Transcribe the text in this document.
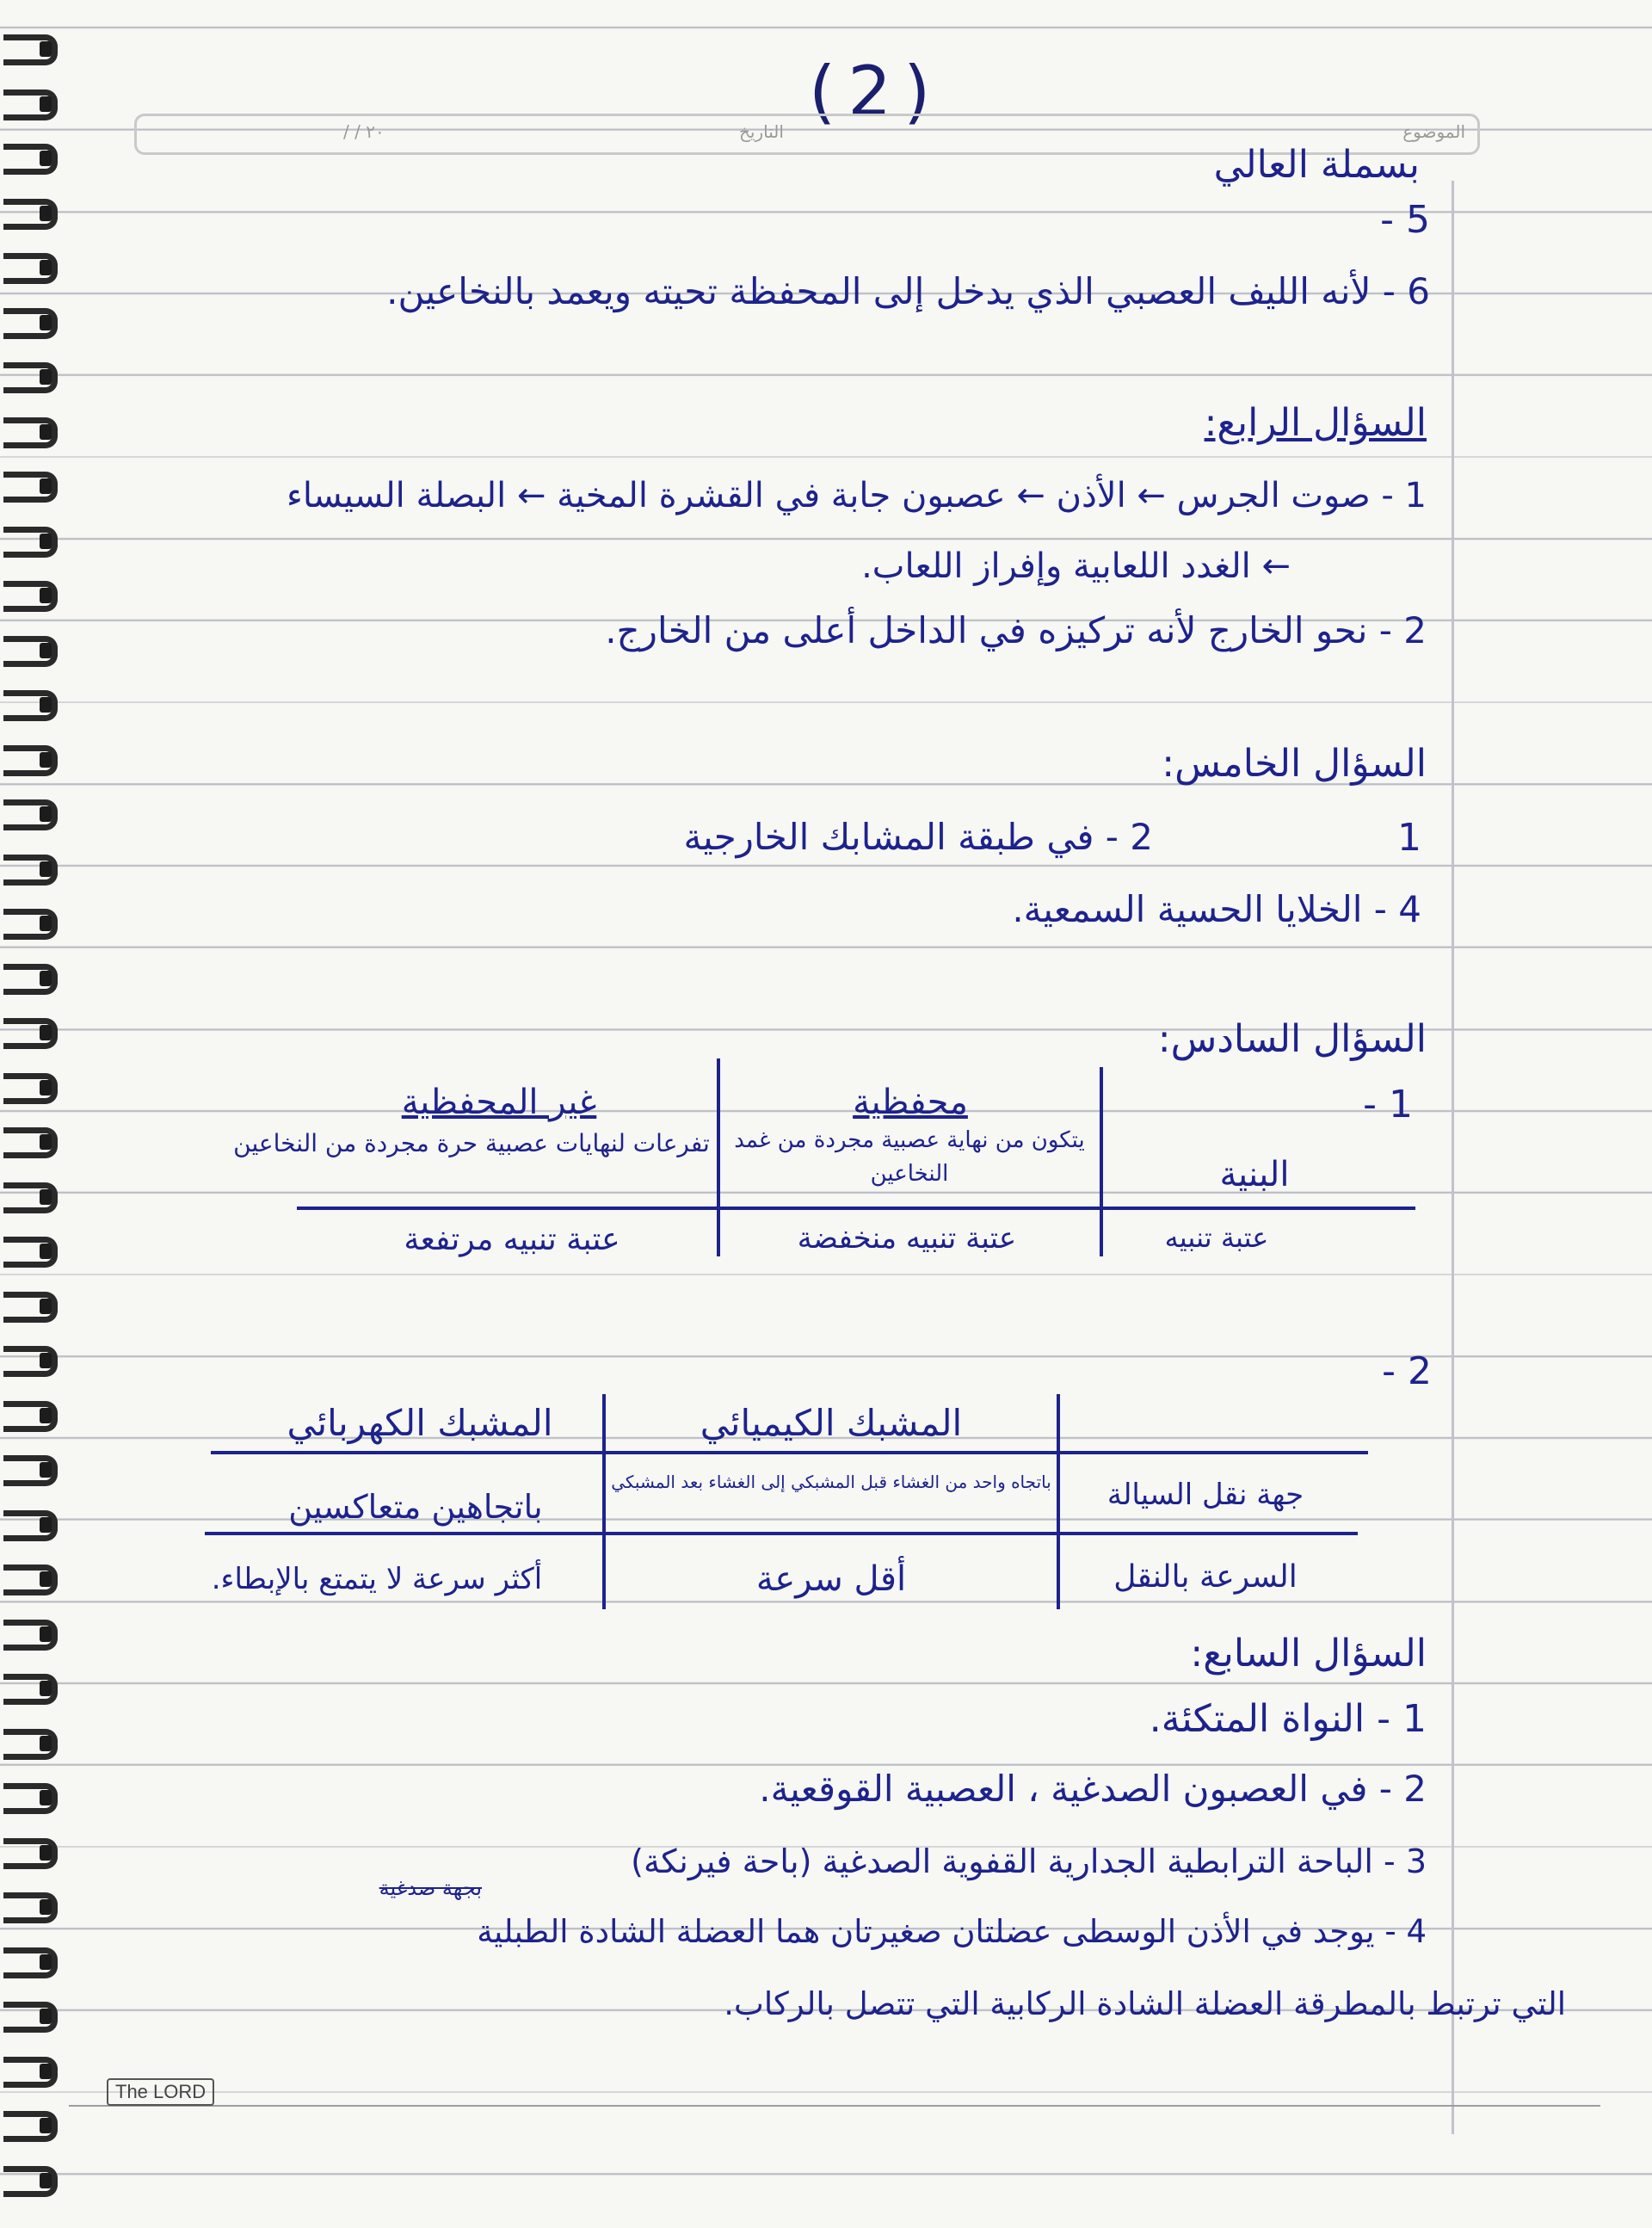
(2)	الموضوع
التاريخ
/ / ٢٠
بسملة العالي
5 -
6 - لأنه الليف العصبي الذي يدخل إلى المحفظة تحيته ويعمد بالنخاعين.
السؤال الرابع:
1 - صوت الجرس ← الأذن ← عصبون جابة في القشرة المخية ← البصلة السيساء
← الغدد اللعابية وإفراز اللعاب.
2 - نحو الخارج لأنه تركيزه في الداخل أعلى من الخارج.
السؤال الخامس:
1
2 - في طبقة المشابك الخارجية
4 - الخلايا الحسية السمعية.
السؤال السادس:
1 -
محفظية
غير المحفظية
البنية
يتكون من نهاية عصبية مجردة من غمد النخاعين
تفرعات لنهايات عصبية حرة مجردة من النخاعين
عتبة تنبيه
عتبة تنبيه منخفضة
عتبة تنبيه مرتفعة
2 -
المشبك الكيميائي
المشبك الكهربائي
جهة نقل السيالة
باتجاه واحد من الغشاء قبل المشبكي إلى الغشاء بعد المشبكي
باتجاهين متعاكسين
السرعة بالنقل
أقل سرعة
أكثر سرعة لا يتمتع بالإبطاء.
السؤال السابع:
1 - النواة المتكئة.
2 - في العصبون الصدغية ، العصبية القوقعية.
3 - الباحة الترابطية الجدارية القفوية الصدغية (باحة فيرنكة)
بجهة صدغية
4 - يوجد في الأذن الوسطى عضلتان صغيرتان هما العضلة الشادة الطبلية
التي ترتبط بالمطرقة العضلة الشادة الركابية التي تتصل بالركاب.
The LORD
